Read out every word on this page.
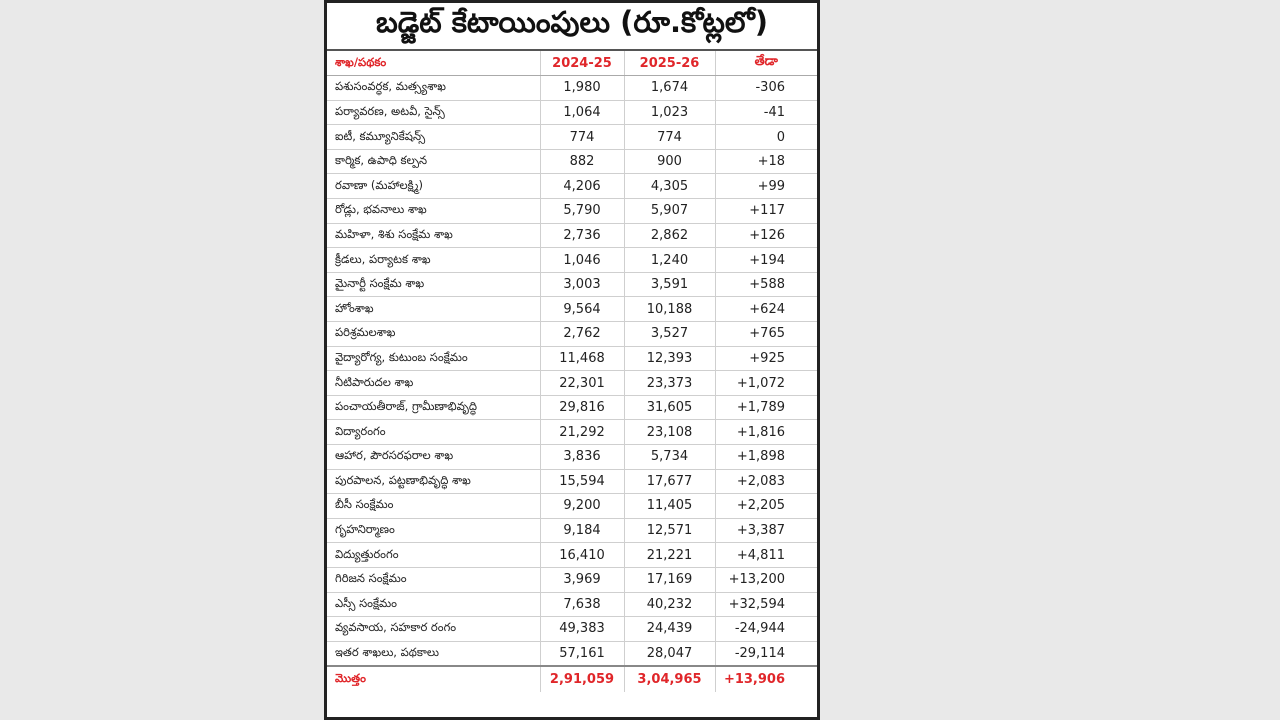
బడ్జెట్ కేటాయింపులు (రూ.కోట్లలో)
శాఖ/పథకం	2024-25	2025-26	తేడా
పశుసంవర్ధక, మత్స్యశాఖ	1,980	1,674	-306
పర్యావరణ, అటవీ, సైన్స్	1,064	1,023	-41
ఐటీ, కమ్యూనికేషన్స్	774	774	0
కార్మిక, ఉపాధి కల్పన	882	900	+18
రవాణా (మహాలక్ష్మి)	4,206	4,305	+99
రోడ్లు, భవనాలు శాఖ	5,790	5,907	+117
మహిళా, శిశు సంక్షేమ శాఖ	2,736	2,862	+126
క్రీడలు, పర్యాటక శాఖ	1,046	1,240	+194
మైనార్టీ సంక్షేమ శాఖ	3,003	3,591	+588
హోంశాఖ	9,564	10,188	+624
పరిశ్రమలశాఖ	2,762	3,527	+765
వైద్యారోగ్య, కుటుంబ సంక్షేమం	11,468	12,393	+925
నీటిపారుదల శాఖ	22,301	23,373	+1,072
పంచాయతీరాజ్, గ్రామీణాభివృద్ధి	29,816	31,605	+1,789
విద్యారంగం	21,292	23,108	+1,816
ఆహార, పౌరసరఫరాల శాఖ	3,836	5,734	+1,898
పురపాలన, పట్టణాభివృద్ధి శాఖ	15,594	17,677	+2,083
బీసీ సంక్షేమం	9,200	11,405	+2,205
గృహనిర్మాణం	9,184	12,571	+3,387
విద్యుత్తురంగం	16,410	21,221	+4,811
గిరిజన సంక్షేమం	3,969	17,169	+13,200
ఎస్సీ సంక్షేమం	7,638	40,232	+32,594
వ్యవసాయ, సహకార రంగం	49,383	24,439	-24,944
ఇతర శాఖలు, పథకాలు	57,161	28,047	-29,114
మొత్తం	2,91,059	3,04,965	+13,906
